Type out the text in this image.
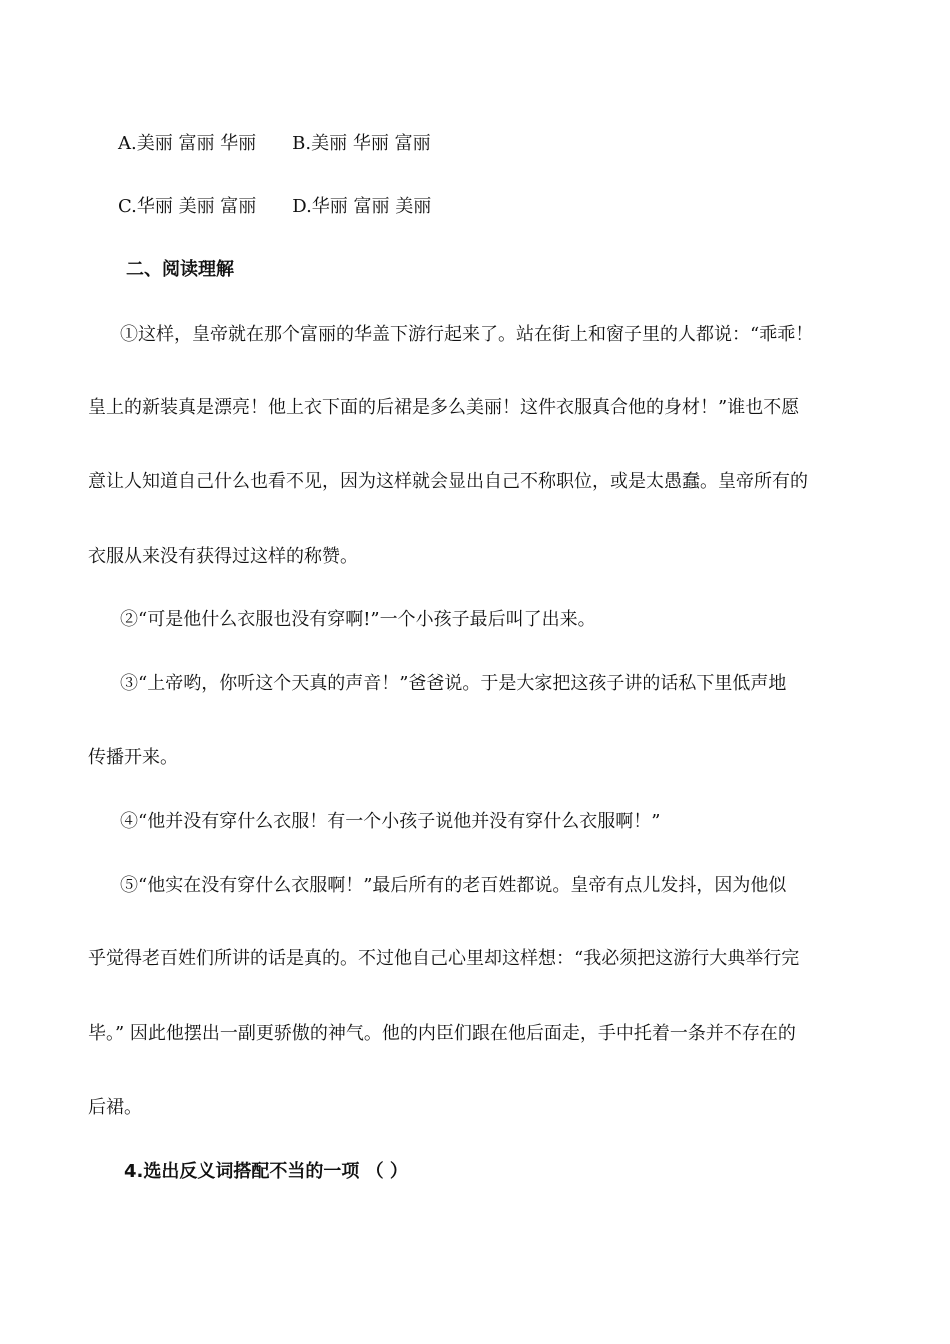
A.美丽 富丽 华丽 B.美丽 华丽 富丽
C.华丽 美丽 富丽 D.华丽 富丽 美丽
二、阅读理解
①这样，皇帝就在那个富丽的华盖下游行起来了。站在街上和窗子里的人都说：“乖乖！
皇上的新装真是漂亮！他上衣下面的后裙是多么美丽！这件衣服真合他的身材！”谁也不愿
意让人知道自己什么也看不见，因为这样就会显出自己不称职位，或是太愚蠢。皇帝所有的
衣服从来没有获得过这样的称赞。
②“可是他什么衣服也没有穿啊!”一个小孩子最后叫了出来。
③“上帝哟，你听这个天真的声音！”爸爸说。于是大家把这孩子讲的话私下里低声地
传播开来。
④“他并没有穿什么衣服！有一个小孩子说他并没有穿什么衣服啊！”
⑤“他实在没有穿什么衣服啊！”最后所有的老百姓都说。皇帝有点儿发抖，因为他似
乎觉得老百姓们所讲的话是真的。不过他自己心里却这样想：“我必须把这游行大典举行完
毕。” 因此他摆出一副更骄傲的神气。他的内臣们跟在他后面走，手中托着一条并不存在的
后裙。
4.选出反义词搭配不当的一项 （ ）
